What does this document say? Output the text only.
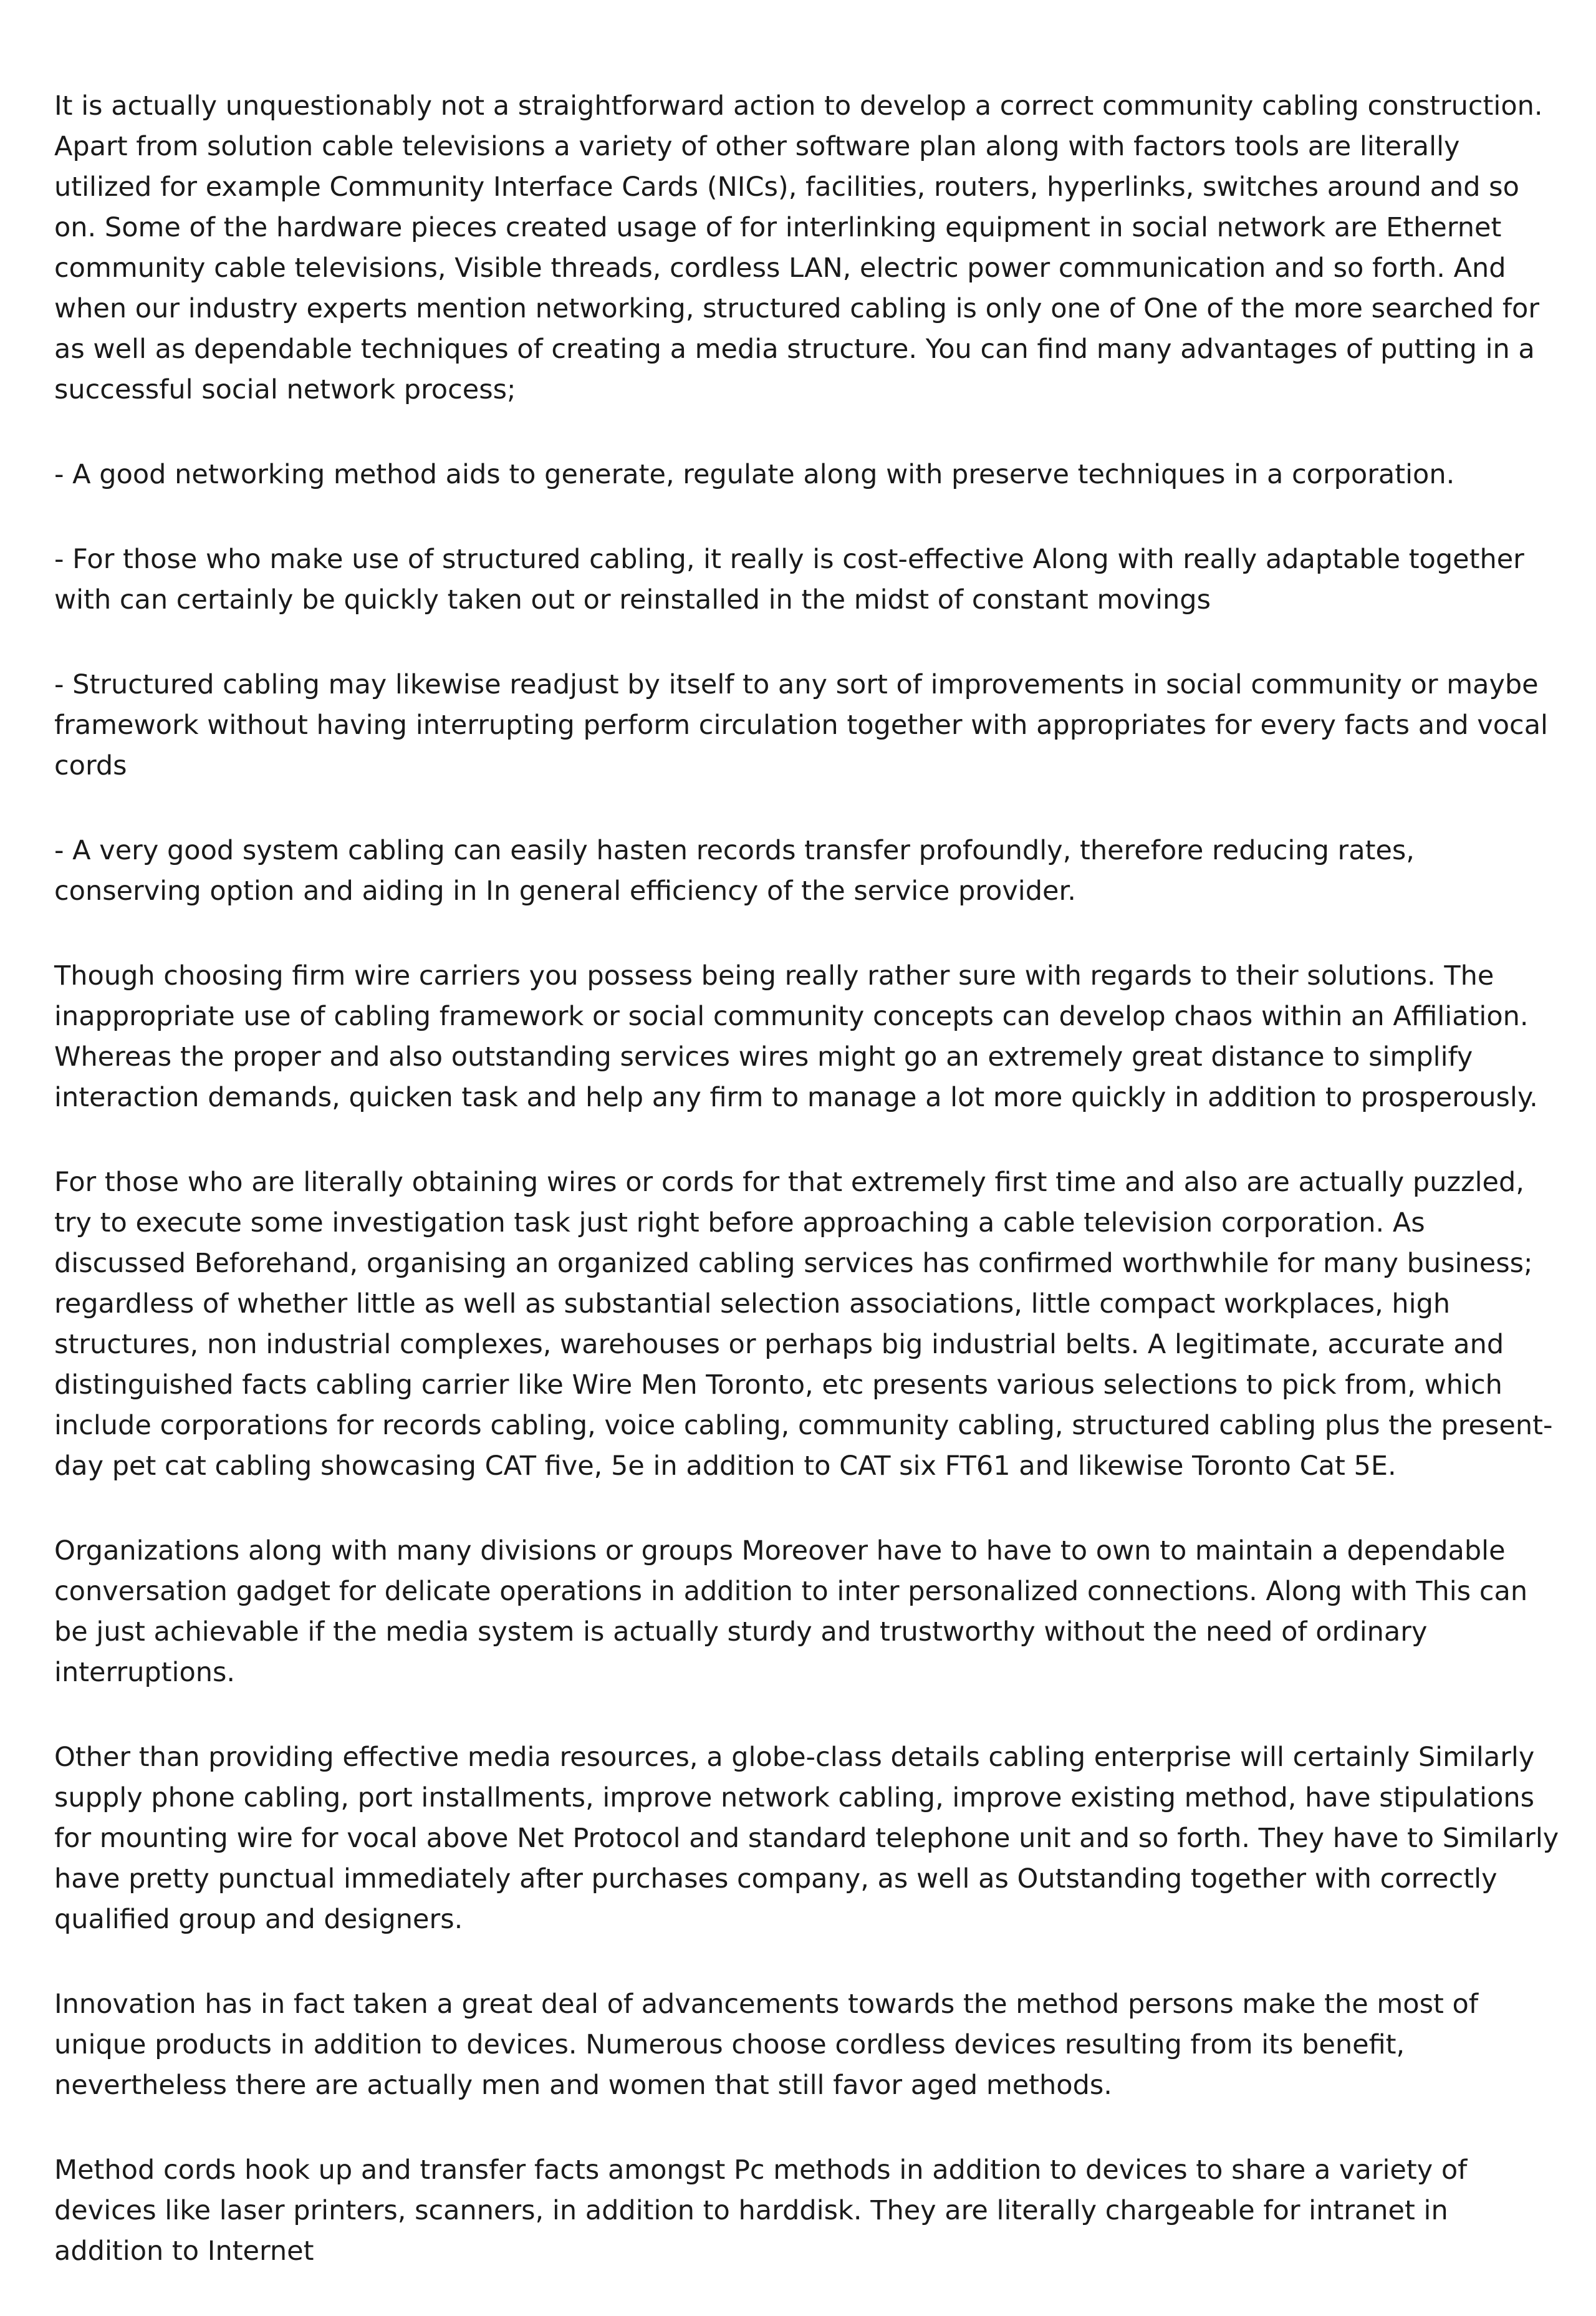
It is actually unquestionably not a straightforward action to develop a correct community cabling construction. Apart from solution cable televisions a variety of other software plan along with factors tools are literally utilized for example Community Interface Cards (NICs), facilities, routers, hyperlinks, switches around and so on. Some of the hardware pieces created usage of for interlinking equipment in social network are Ethernet community cable televisions, Visible threads, cordless LAN, electric power communication and so forth. And when our industry experts mention networking, structured cabling is only one of One of the more searched for as well as dependable techniques of creating a media structure. You can find many advantages of putting in a successful social network process;

- A good networking method aids to generate, regulate along with preserve techniques in a corporation.

- For those who make use of structured cabling, it really is cost-effective Along with really adaptable together with can certainly be quickly taken out or reinstalled in the midst of constant movings

- Structured cabling may likewise readjust by itself to any sort of improvements in social community or maybe framework without having interrupting perform circulation together with appropriates for every facts and vocal cords

- A very good system cabling can easily hasten records transfer profoundly, therefore reducing rates, conserving option and aiding in In general efficiency of the service provider.

Though choosing firm wire carriers you possess being really rather sure with regards to their solutions. The inappropriate use of cabling framework or social community concepts can develop chaos within an Affiliation. Whereas the proper and also outstanding services wires might go an extremely great distance to simplify interaction demands, quicken task and help any firm to manage a lot more quickly in addition to prosperously.

For those who are literally obtaining wires or cords for that extremely first time and also are actually puzzled, try to execute some investigation task just right before approaching a cable television corporation. As discussed Beforehand, organising an organized cabling services has confirmed worthwhile for many business; regardless of whether little as well as substantial selection associations, little compact workplaces, high structures, non industrial complexes, warehouses or perhaps big industrial belts. A legitimate, accurate and distinguished facts cabling carrier like Wire Men Toronto, etc presents various selections to pick from, which include corporations for records cabling, voice cabling, community cabling, structured cabling plus the present-day pet cat cabling showcasing CAT five, 5e in addition to CAT six FT61 and likewise Toronto Cat 5E.

Organizations along with many divisions or groups Moreover have to have to own to maintain a dependable conversation gadget for delicate operations in addition to inter personalized connections. Along with This can be just achievable if the media system is actually sturdy and trustworthy without the need of ordinary interruptions.

Other than providing effective media resources, a globe-class details cabling enterprise will certainly Similarly supply phone cabling, port installments, improve network cabling, improve existing method, have stipulations for mounting wire for vocal above Net Protocol and standard telephone unit and so forth. They have to Similarly have pretty punctual immediately after purchases company, as well as Outstanding together with correctly qualified group and designers.

Innovation has in fact taken a great deal of advancements towards the method persons make the most of unique products in addition to devices. Numerous choose cordless devices resulting from its benefit, nevertheless there are actually men and women that still favor aged methods.

Method cords hook up and transfer facts amongst Pc methods in addition to devices to share a variety of devices like laser printers, scanners, in addition to harddisk. They are literally chargeable for intranet in addition to Internet
